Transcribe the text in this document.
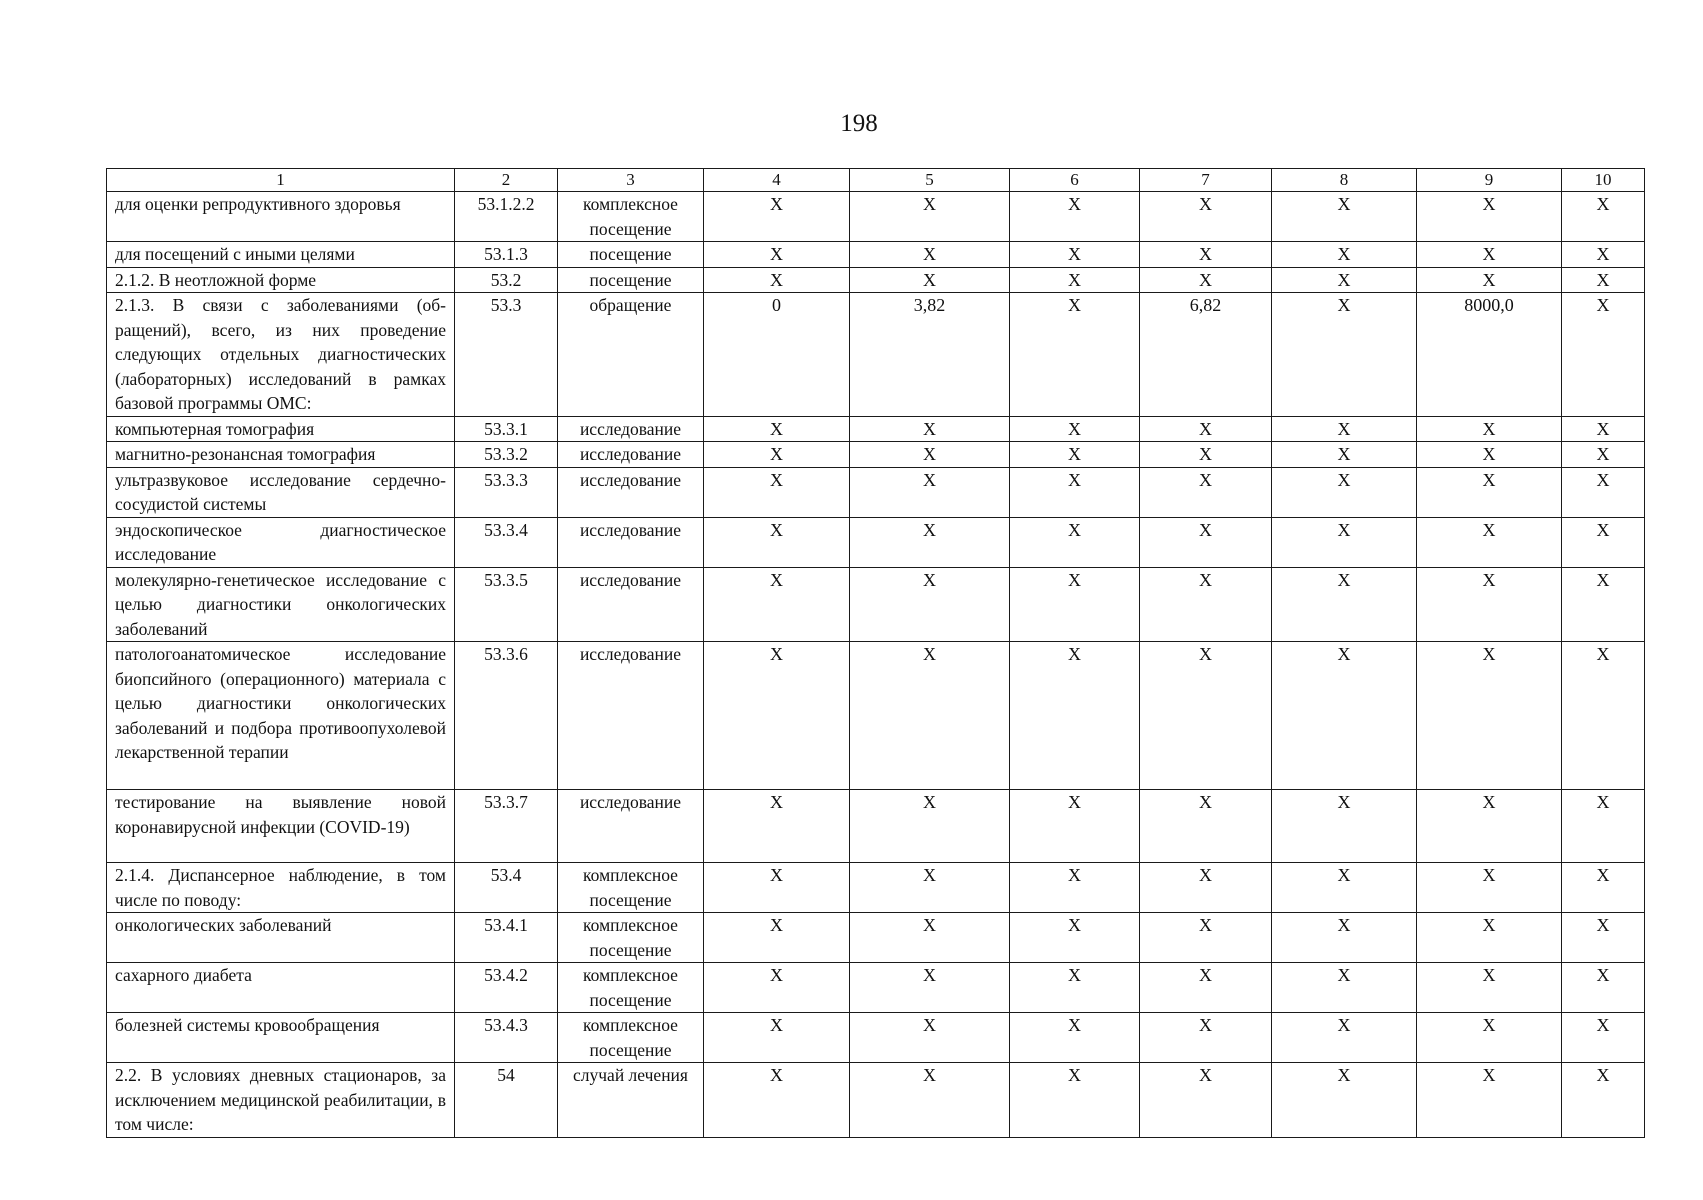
198
1	2	3	4	5	6	7	8	9	10
для оценки репродуктивного здоровья	53.1.2.2	комплексное посещение	Х	Х	Х	Х	Х	Х	Х
для посещений с иными целями	53.1.3	посещение	Х	Х	Х	Х	Х	Х	Х
2.1.2. В неотложной форме	53.2	посещение	Х	Х	Х	Х	Х	Х	Х
2.1.3. В связи с заболеваниями (обращений), всего, из них проведение следующих отдельных диагностических (лабораторных) исследований в рамках базовой программы ОМС:	53.3	обращение	0	3,82	Х	6,82	Х	8000,0	Х
компьютерная томография	53.3.1	исследование	Х	Х	Х	Х	Х	Х	Х
магнитно-резонансная томография	53.3.2	исследование	Х	Х	Х	Х	Х	Х	Х
ультразвуковое исследование сердечно-сосудистой системы	53.3.3	исследование	Х	Х	Х	Х	Х	Х	Х
эндоскопическое диагностическое исследование	53.3.4	исследование	Х	Х	Х	Х	Х	Х	Х
молекулярно-генетическое исследование с целью диагностики онкологических заболеваний	53.3.5	исследование	Х	Х	Х	Х	Х	Х	Х
патологоанатомическое исследование биопсийного (операционного) материала с целью диагностики онкологических заболеваний и подбора противоопухолевой лекарственной терапии	53.3.6	исследование	Х	Х	Х	Х	Х	Х	Х
тестирование на выявление новой коронавирусной инфекции (COVID-19)	53.3.7	исследование	Х	Х	Х	Х	Х	Х	Х
2.1.4. Диспансерное наблюдение, в том числе по поводу:	53.4	комплексное посещение	Х	Х	Х	Х	Х	Х	Х
онкологических заболеваний	53.4.1	комплексное посещение	Х	Х	Х	Х	Х	Х	Х
сахарного диабета	53.4.2	комплексное посещение	Х	Х	Х	Х	Х	Х	Х
болезней системы кровообращения	53.4.3	комплексное посещение	Х	Х	Х	Х	Х	Х	Х
2.2. В условиях дневных стационаров, за исключением медицинской реабилитации, в том числе:	54	случай лечения	Х	Х	Х	Х	Х	Х	Х
